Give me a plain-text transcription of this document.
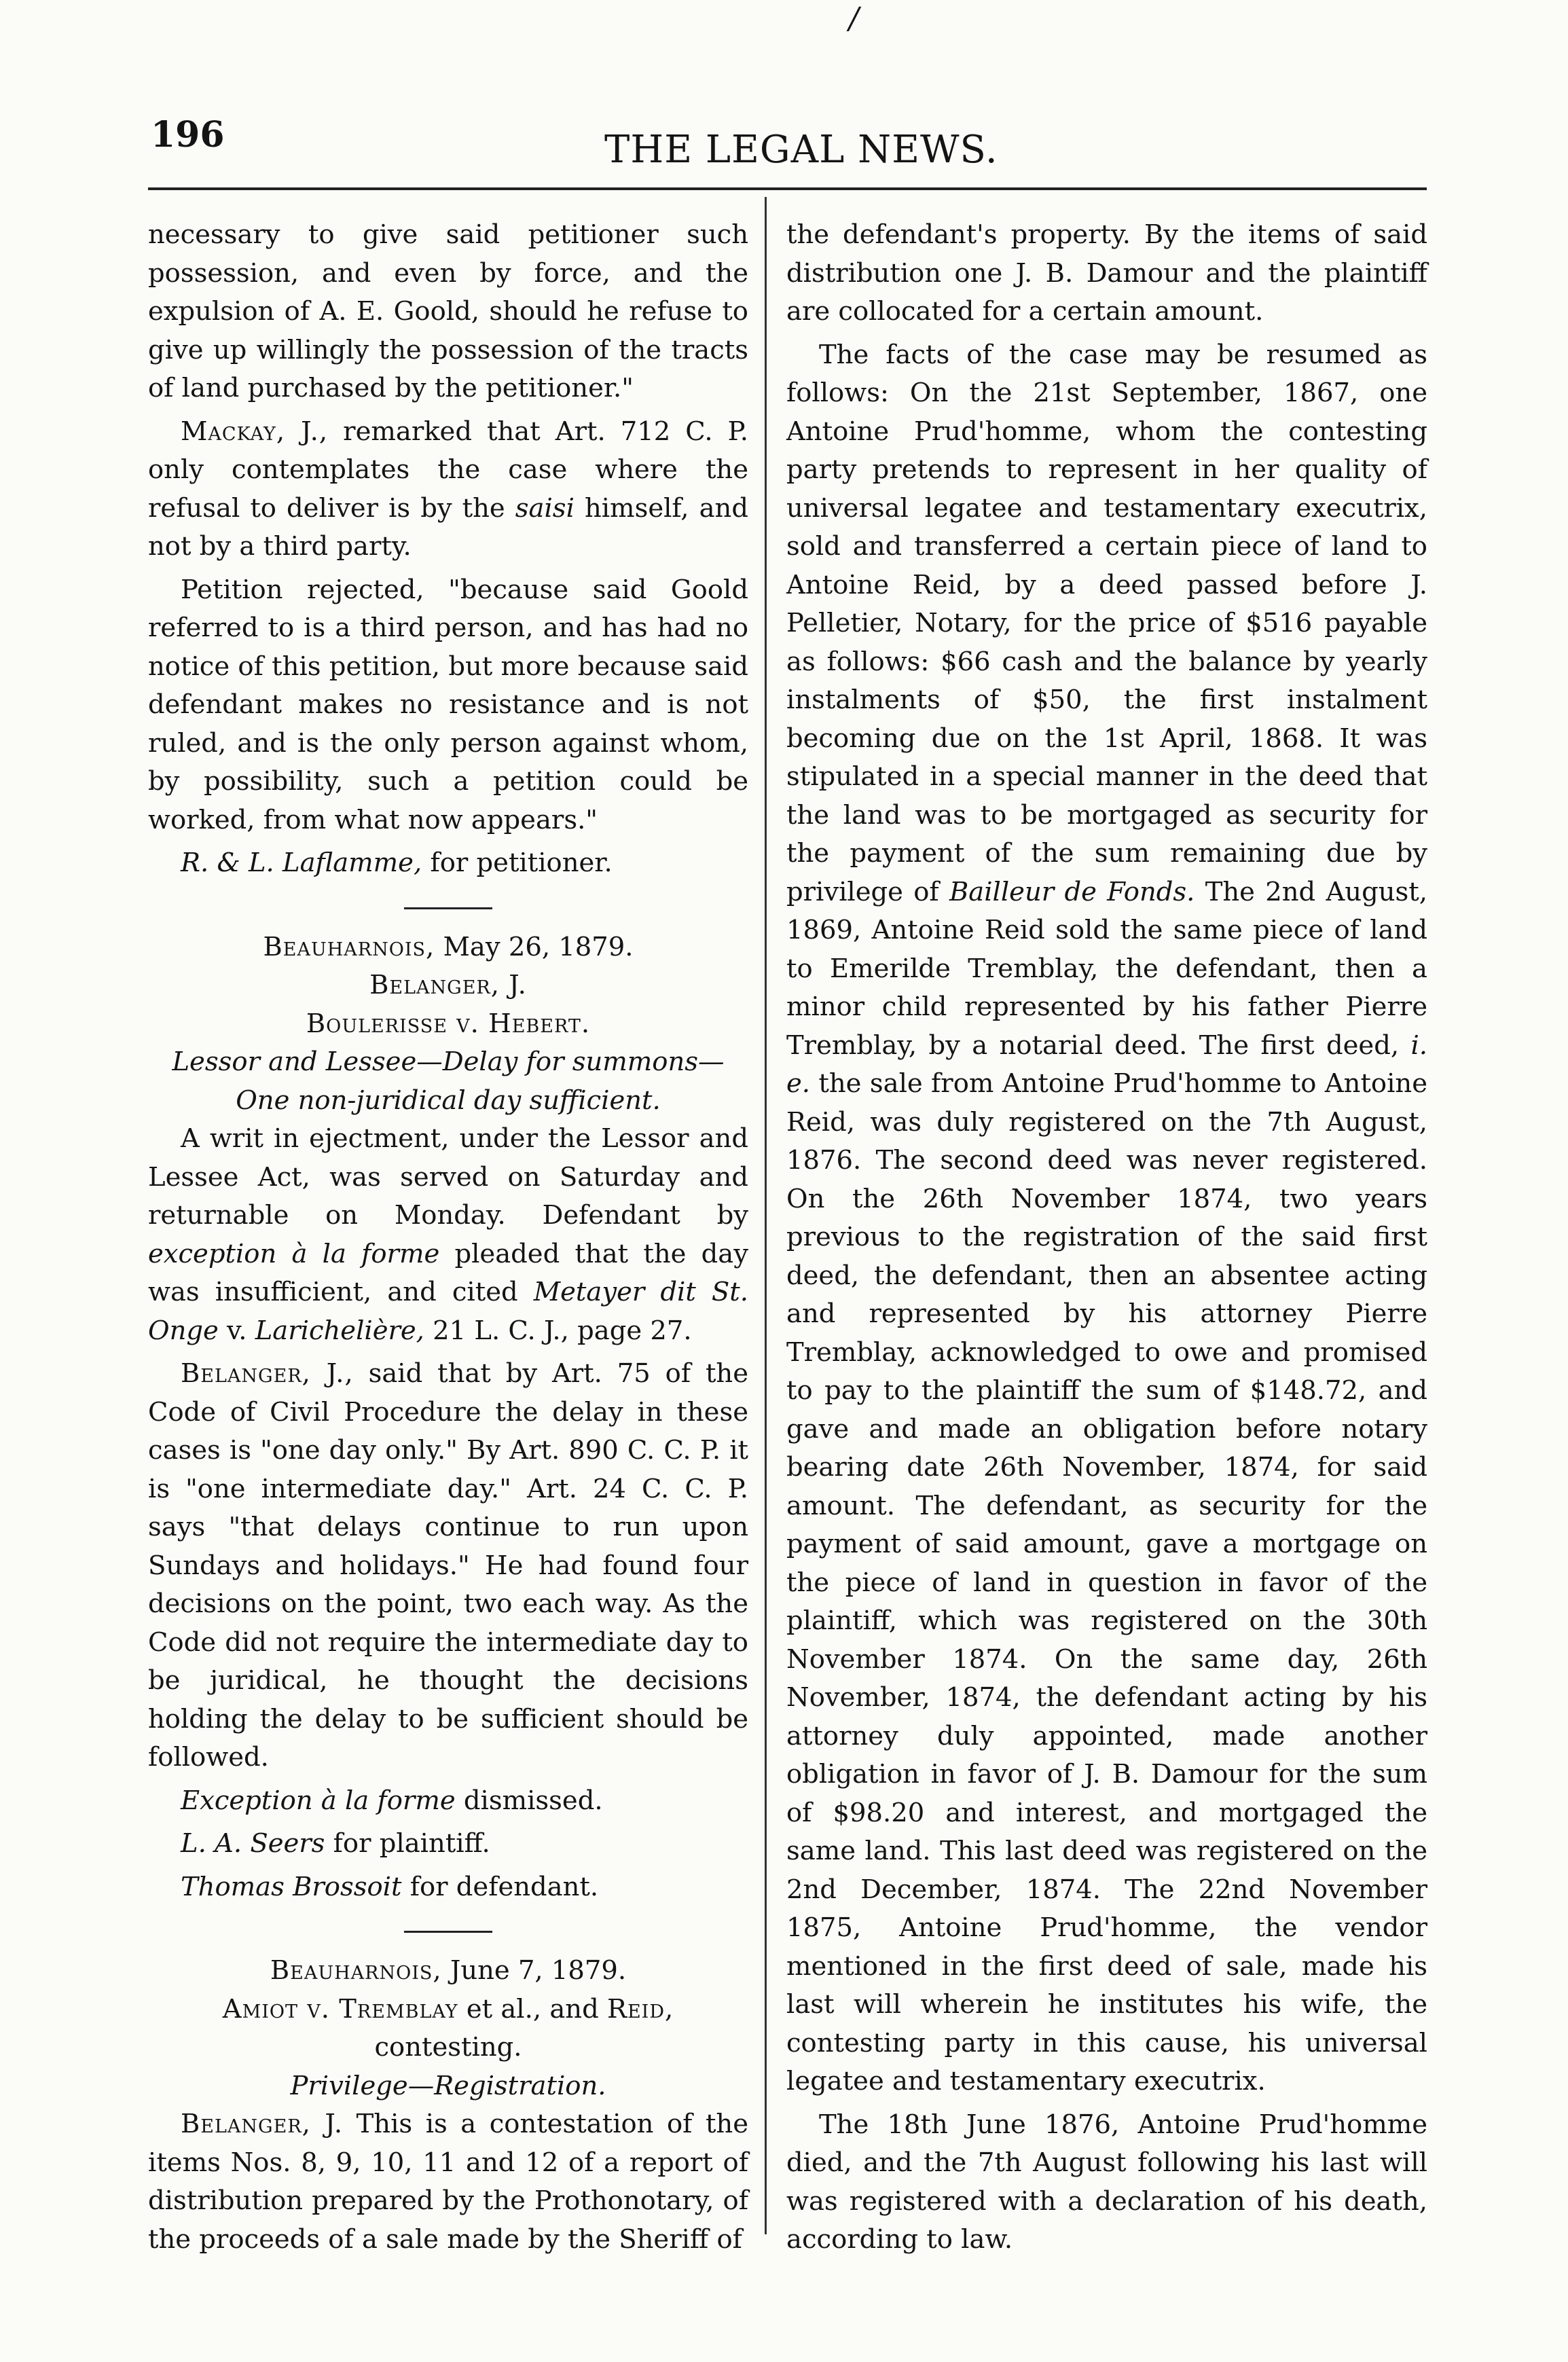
/
196	THE LEGAL NEWS.

necessary to give said petitioner such possession, and even by force, and the expulsion of A. E. Goold, should he refuse to give up willingly the possession of the tracts of land purchased by the petitioner."

Mackay, J., remarked that Art. 712 C. P. only contemplates the case where the refusal to deliver is by the saisi himself, and not by a third party.

Petition rejected, "because said Goold referred to is a third person, and has had no notice of this petition, but more because said defendant makes no resistance and is not ruled, and is the only person against whom, by possibility, such a petition could be worked, from what now appears."

R. & L. Laflamme, for petitioner.

Beauharnois, May 26, 1879.

Belanger, J.

Boulerisse v. Hebert.

Lessor and Lessee—Delay for summons—One non-juridical day sufficient.

A writ in ejectment, under the Lessor and Lessee Act, was served on Saturday and returnable on Monday. Defendant by exception à la forme pleaded that the day was insufficient, and cited Metayer dit St. Onge v. Larichelière, 21 L. C. J., page 27.

Belanger, J., said that by Art. 75 of the Code of Civil Procedure the delay in these cases is "one day only." By Art. 890 C. C. P. it is "one intermediate day." Art. 24 C. C. P. says "that delays continue to run upon Sundays and holidays." He had found four decisions on the point, two each way. As the Code did not require the intermediate day to be juridical, he thought the decisions holding the delay to be sufficient should be followed.

Exception à la forme dismissed.

L. A. Seers for plaintiff.

Thomas Brossoit for defendant.

Beauharnois, June 7, 1879.

Amiot v. Tremblay et al., and Reid, contesting.

Privilege—Registration.

Belanger, J. This is a contestation of the items Nos. 8, 9, 10, 11 and 12 of a report of distribution prepared by the Prothonotary, of the proceeds of a sale made by the Sheriff of

the defendant's property. By the items of said distribution one J. B. Damour and the plaintiff are collocated for a certain amount.

The facts of the case may be resumed as follows: On the 21st September, 1867, one Antoine Prud'homme, whom the contesting party pretends to represent in her quality of universal legatee and testamentary executrix, sold and transferred a certain piece of land to Antoine Reid, by a deed passed before J. Pelletier, Notary, for the price of $516 payable as follows: $66 cash and the balance by yearly instalments of $50, the first instalment becoming due on the 1st April, 1868. It was stipulated in a special manner in the deed that the land was to be mortgaged as security for the payment of the sum remaining due by privilege of Bailleur de Fonds. The 2nd August, 1869, Antoine Reid sold the same piece of land to Emerilde Tremblay, the defendant, then a minor child represented by his father Pierre Tremblay, by a notarial deed. The first deed, i. e. the sale from Antoine Prud'homme to Antoine Reid, was duly registered on the 7th August, 1876. The second deed was never registered. On the 26th November 1874, two years previous to the registration of the said first deed, the defendant, then an absentee acting and represented by his attorney Pierre Tremblay, acknowledged to owe and promised to pay to the plaintiff the sum of $148.72, and gave and made an obligation before notary bearing date 26th November, 1874, for said amount. The defendant, as security for the payment of said amount, gave a mortgage on the piece of land in question in favor of the plaintiff, which was registered on the 30th November 1874. On the same day, 26th November, 1874, the defendant acting by his attorney duly appointed, made another obligation in favor of J. B. Damour for the sum of $98.20 and interest, and mortgaged the same land. This last deed was registered on the 2nd December, 1874. The 22nd November 1875, Antoine Prud'homme, the vendor mentioned in the first deed of sale, made his last will wherein he institutes his wife, the contesting party in this cause, his universal legatee and testamentary executrix.

The 18th June 1876, Antoine Prud'homme died, and the 7th August following his last will was registered with a declaration of his death, according to law.
